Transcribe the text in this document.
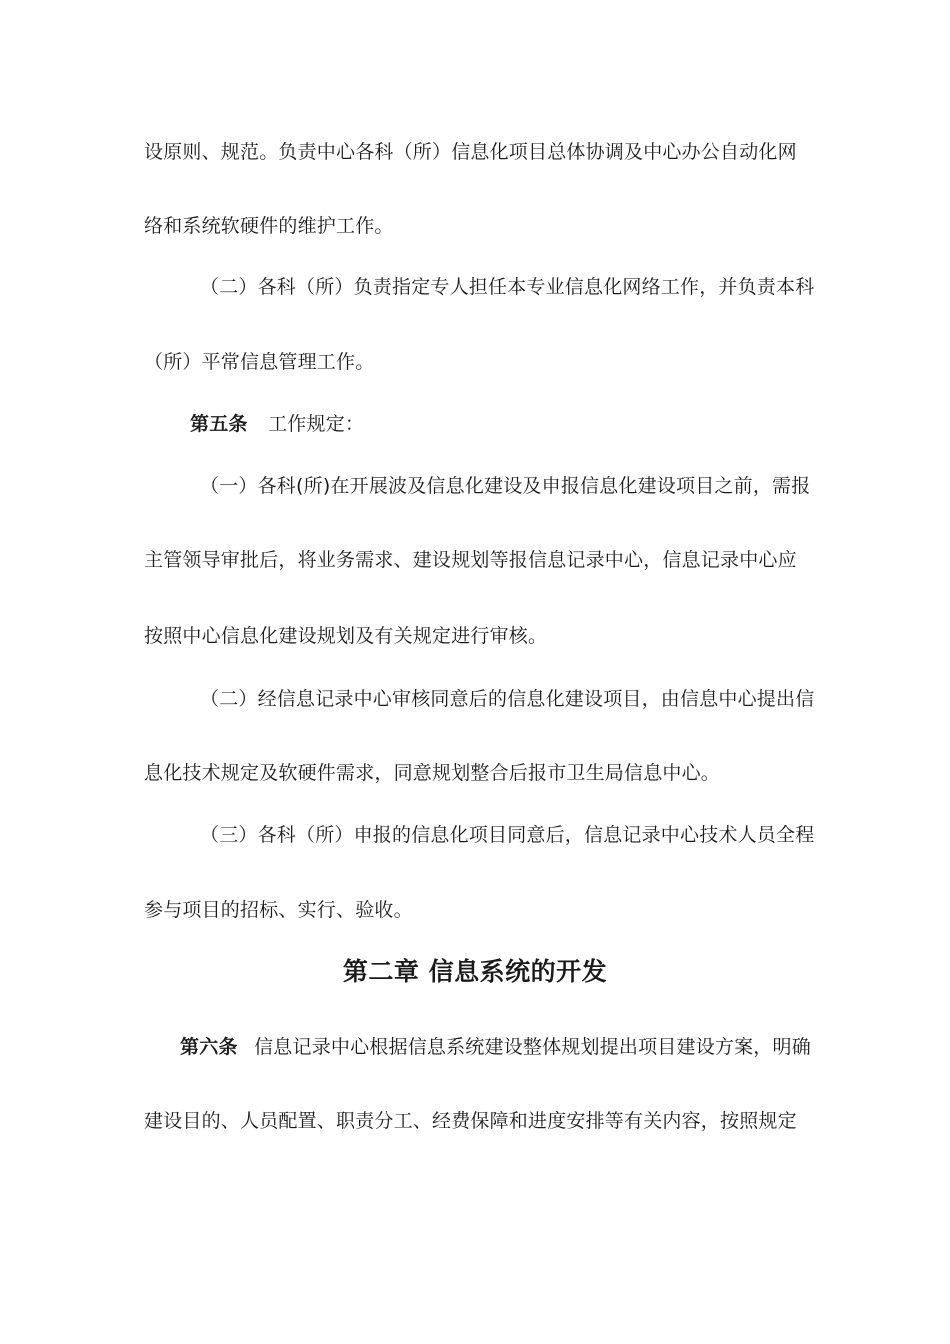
设原则、规范。负责中心各科（所）信息化项目总体协调及中心办公自动化网
络和系统软硬件的维护工作。
（二）各科（所）负责指定专人担任本专业信息化网络工作，并负责本科
（所）平常信息管理工作。
第五条 工作规定：
（一）各科(所)在开展波及信息化建设及申报信息化建设项目之前，需报
主管领导审批后，将业务需求、建设规划等报信息记录中心，信息记录中心应
按照中心信息化建设规划及有关规定进行审核。
（二）经信息记录中心审核同意后的信息化建设项目，由信息中心提出信
息化技术规定及软硬件需求，同意规划整合后报市卫生局信息中心。
（三）各科（所）申报的信息化项目同意后，信息记录中心技术人员全程
参与项目的招标、实行、验收。
第二章 信息系统的开发
第六条 信息记录中心根据信息系统建设整体规划提出项目建设方案，明确
建设目的、人员配置、职责分工、经费保障和进度安排等有关内容，按照规定
